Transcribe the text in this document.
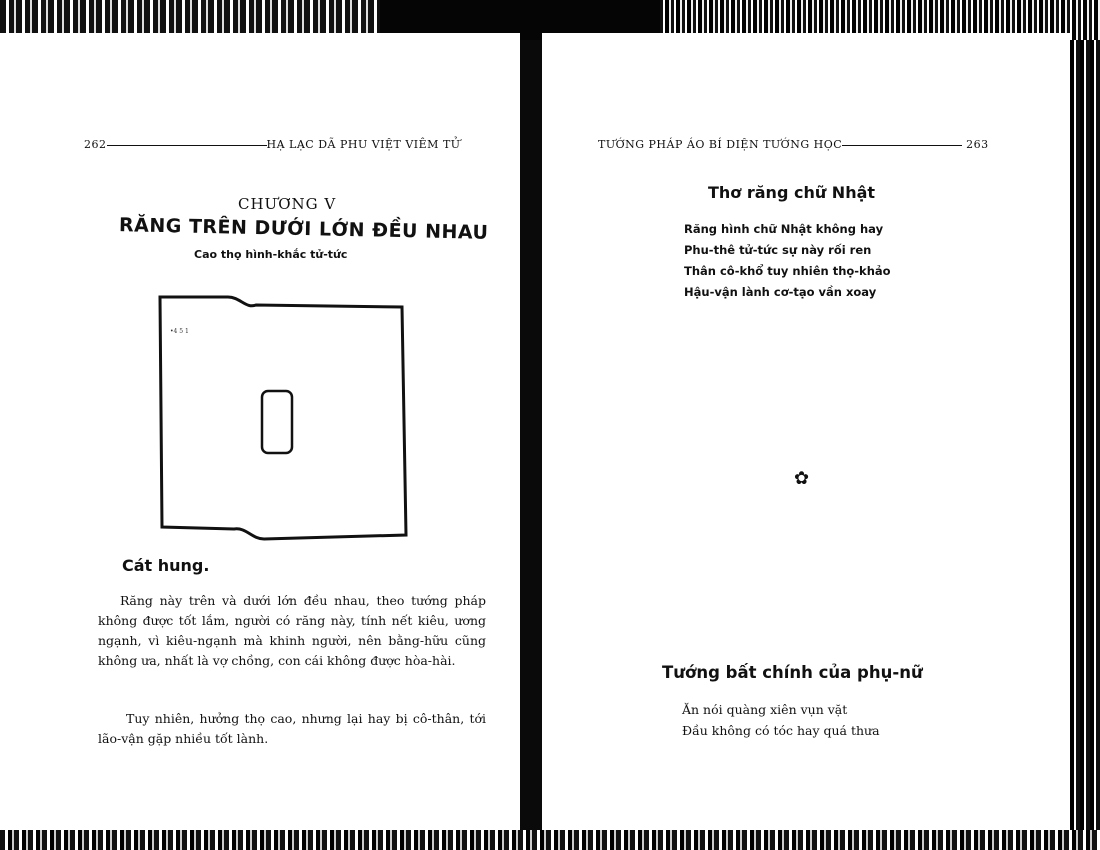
262	HẠ LẠC DÃ PHU VIỆT VIÊM TỬ
CHƯƠNG V
RĂNG TRÊN DƯỚI LỚN ĐỀU NHAU
Cao thọ hình-khắc tử-tức
•4 5 1
Cát hung.

Răng này trên và dưới lớn đều nhau, theo tướng pháp không được tốt lắm, người có răng này, tính nết kiêu, ương ngạnh, vì kiêu-ngạnh mà khinh người, nên bằng-hữu cũng không ưa, nhất là vợ chồng, con cái không được hòa-hài.

Tuy nhiên, hưởng thọ cao, nhưng lại hay bị cô-thân, tới lão-vận gặp nhiều tốt lành.

TƯỚNG PHÁP ÁO BÍ DIỆN TƯỚNG HỌC	263
Thơ răng chữ Nhật
Răng hình chữ Nhật không hay
Phu-thê tử-tức sự này rối ren
Thân cô-khổ tuy nhiên thọ-khảo
Hậu-vận lành cơ-tạo vần xoay
✿
Tướng bất chính của phụ-nữ
Ăn nói quàng xiên vụn vặt
Đầu không có tóc hay quá thưa
